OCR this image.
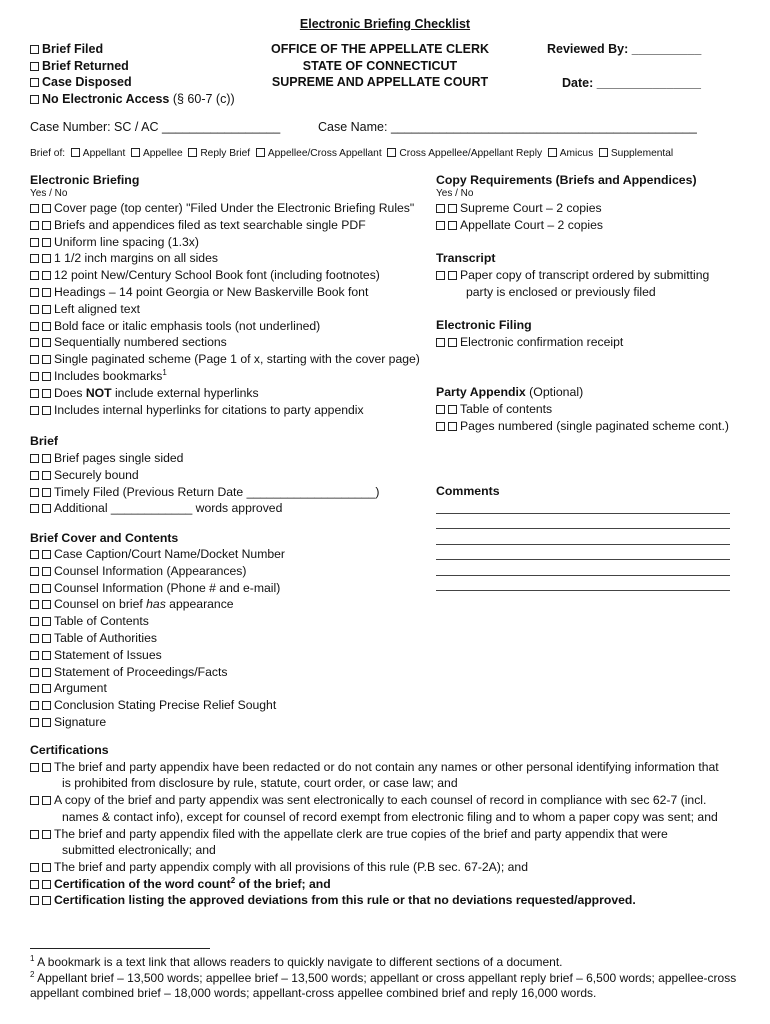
Electronic Briefing Checklist
Brief Filed
Brief Returned
Case Disposed
No Electronic Access (§ 60-7 (c))
OFFICE OF THE APPELLATE CLERK
STATE OF CONNECTICUT
SUPREME AND APPELLATE COURT
Reviewed By: __________
Date: _______________
Case Number: SC / AC _________________	Case Name: ____________________________________________
Brief of: Appellant Appellee Reply Brief Appellee/Cross Appellant Cross Appellee/Appellant Reply Amicus Supplemental
Electronic Briefing
Yes / No
Cover page (top center) "Filed Under the Electronic Briefing Rules"
Briefs and appendices filed as text searchable single PDF
Uniform line spacing (1.3x)
1 1/2 inch margins on all sides
12 point New/Century School Book font (including footnotes)
Headings – 14 point Georgia or New Baskerville Book font
Left aligned text
Bold face or italic emphasis tools (not underlined)
Sequentially numbered sections
Single paginated scheme (Page 1 of x, starting with the cover page)
Includes bookmarks$^1$
Does NOT include external hyperlinks
Includes internal hyperlinks for citations to party appendix
Brief
Brief pages single sided
Securely bound
Timely Filed (Previous Return Date ___________________)
Additional ____________ words approved
Brief Cover and Contents
Case Caption/Court Name/Docket Number
Counsel Information (Appearances)
Counsel Information (Phone # and e-mail)
Counsel on brief has appearance
Table of Contents
Table of Authorities
Statement of Issues
Statement of Proceedings/Facts
Argument
Conclusion Stating Precise Relief Sought
Signature
Copy Requirements (Briefs and Appendices)
Yes / No
Supreme Court – 2 copies
Appellate Court – 2 copies
Transcript
Paper copy of transcript ordered by submitting
party is enclosed or previously filed
Electronic Filing
Electronic confirmation receipt
Party Appendix (Optional)
Table of contents
Pages numbered (single paginated scheme cont.)
Comments
Certifications
The brief and party appendix have been redacted or do not contain any names or other personal identifying information that
is prohibited from disclosure by rule, statute, court order, or case law; and
A copy of the brief and party appendix was sent electronically to each counsel of record in compliance with sec 62-7 (incl.
names & contact info), except for counsel of record exempt from electronic filing and to whom a paper copy was sent; and
The brief and party appendix filed with the appellate clerk are true copies of the brief and party appendix that were
submitted electronically; and
The brief and party appendix comply with all provisions of this rule (P.B sec. 67-2A); and
Certification of the word count$^2$ of the brief; and
Certification listing the approved deviations from this rule or that no deviations requested/approved.
$^1$ A bookmark is a text link that allows readers to quickly navigate to different sections of a document.
$^2$ Appellant brief – 13,500 words; appellee brief – 13,500 words; appellant or cross appellant reply brief – 6,500 words; appellee-cross appellant combined brief – 18,000 words; appellant-cross appellee combined brief and reply 16,000 words.
